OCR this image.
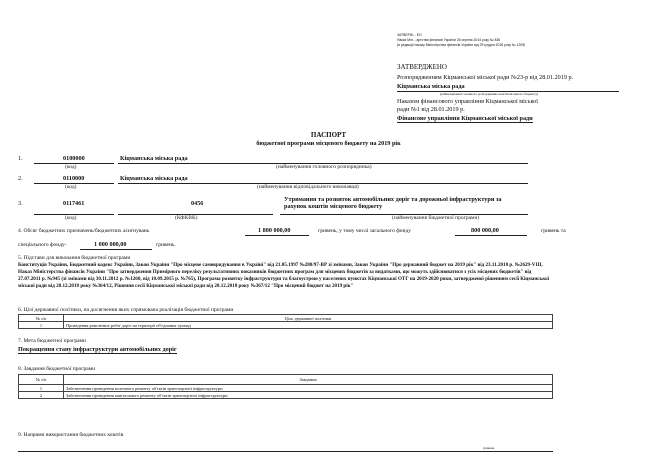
ЗАТВЕРЖ... ЕО
Наказ Мін... артства фінансів України 26 серпня 2014 року № 836
(в редакції наказу Міністерства фінансів України від 29 грудня 2018 року № 1209)
ЗАТВЕРДЖЕНО
Розпорядженням Кіцманської міської ради №23-р від 28.01.2019 р.
Кіцманська міська рада
(найменування головного розпорядника коштів місцевого бюджету)
Наказом фінансового управління Кіцманської міської
ради №1 від 28.01.2019 р.
Фінансове управління Кіцманської міської ради
ПАСПОРТ
бюджетної програми місцевого бюджету на 2019 рік
1.	0100000	Кіцманська міська рада
(код)	(найменування головного розпорядника)
2.	0110000	Кіцманська міська рада
(код)	(найменування відповідального виконавця)
3.	0117461	0456
Утримання та розвиток автомобільних доріг та дорожньої інфраструктури за рахунок коштів місцевого бюджету
(код)	(КФКВК)	(найменування бюджетної програми)
4. Обсяг бюджетних призначень/бюджетних асигнувань	1 800 000,00	гривень, у тому числі загального фонду	800 000,00	гривень та
спеціального фонду-	1 000 000,00	гривень.
5. Підстави для виконання бюджетної програми
Конституція України, Бюджетний кодекс України, Закон України "Про місцеве самоврядування в Україні" від 21.05.1997 №280/97-ВР зі змінами, Закон України "Про державний бюджет на 2019 рік" від 23.11.2018 р. №2629-VIII, Наказ Міністерства фінансів України "Про затвердження Примірного переліку результативних показників бюджетних програм для місцевих бюджетів за видатками, що можуть здійснюватися з усіх місцевих бюджетів" від 27.07.2011 р. №945 (зі змінами від 30.11.2012 р. №1260, від 10.09.2015 р. №765), Програма розвитку інфраструктури та благоустрою у населених пунктах Кіцманської ОТГ на 2019-2020 роки, затвердженої рішенням сесії Кіцманської міської ради від 20.12.2018 року №364/12, Рішення сесії Кіцманської міської ради від 20.12.2018 року №367/12 "Про місцевий бюджет на 2019 рік"
6. Цілі державної політики, на досягнення яких спрямована реалізація бюджетної програми
№ з/п	Ціль державної політики
1	Проведення ремонтних робіт доріг на території об'єднаних громад
7. Мета бюджетної програми
Покращення стану інфраструктури автомобільних доріг
8. Завдання бюджетної програми
№ з/п	Завдання
1	Забезпечення проведення поточного ремонту об'єктів транспортної інфраструктури
2	Забезпечення проведення капітального ремонту об'єктів транспортної інфраструктури
9. Напрями використання бюджетних коштів
гривень
